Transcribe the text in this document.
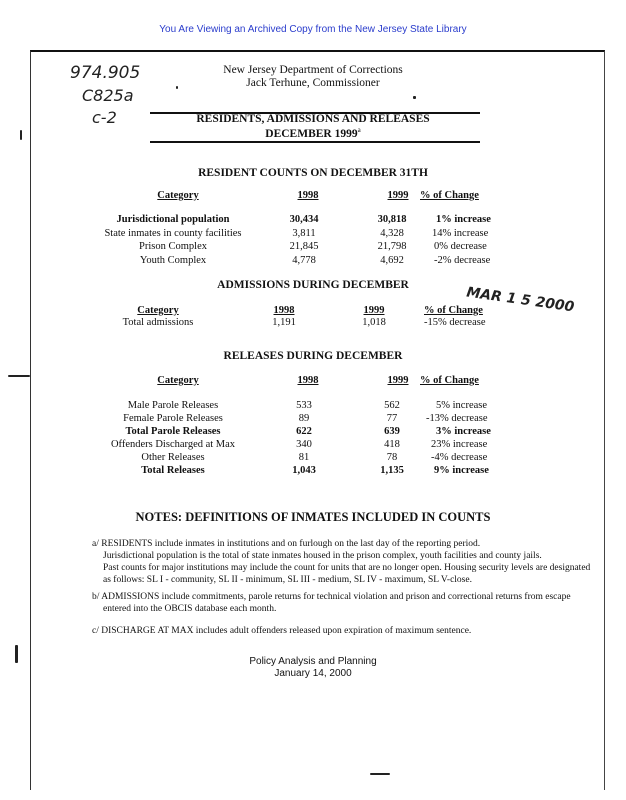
You Are Viewing an Archived Copy from the New Jersey State Library
974.905
C825a
c-2
New Jersey Department of Corrections
Jack Terhune, Commissioner
RESIDENTS, ADMISSIONS AND RELEASES
DECEMBER 1999$^a$
RESIDENT COUNTS ON DECEMBER 31TH
Category	1998	1999	% of Change
Jurisdictional population	30,434	30,818	1% increase
State inmates in county facilities	3,811	4,328	14% increase
Prison Complex	21,845	21,798	0% decrease
Youth Complex	4,778	4,692	-2% decrease
MAR 1 5 2000
ADMISSIONS DURING DECEMBER
Category	1998	1999	% of Change
Total admissions	1,191	1,018	-15% decrease
RELEASES DURING DECEMBER
Category	1998	1999	% of Change
Male Parole Releases	533	562	5% increase
Female Parole Releases	89	77	-13% decrease
Total Parole Releases	622	639	3% increase
Offenders Discharged at Max	340	418	23% increase
Other Releases	81	78	-4% decrease
Total Releases	1,043	1,135	9% increase
NOTES: DEFINITIONS OF INMATES INCLUDED IN COUNTS
a/ RESIDENTS include inmates in institutions and on furlough on the last day of the reporting period.
Jurisdictional population is the total of state inmates housed in the prison complex, youth facilities and county jails.
Past counts for major institutions may include the count for units that are no longer open. Housing security levels are designated
as follows: SL I - community, SL II - minimum, SL III - medium, SL IV - maximum, SL V-close.
b/ ADMISSIONS include commitments, parole returns for technical violation and prison and correctional returns from escape
entered into the OBCIS database each month.
c/ DISCHARGE AT MAX includes adult offenders released upon expiration of maximum sentence.
Policy Analysis and Planning
January 14, 2000
